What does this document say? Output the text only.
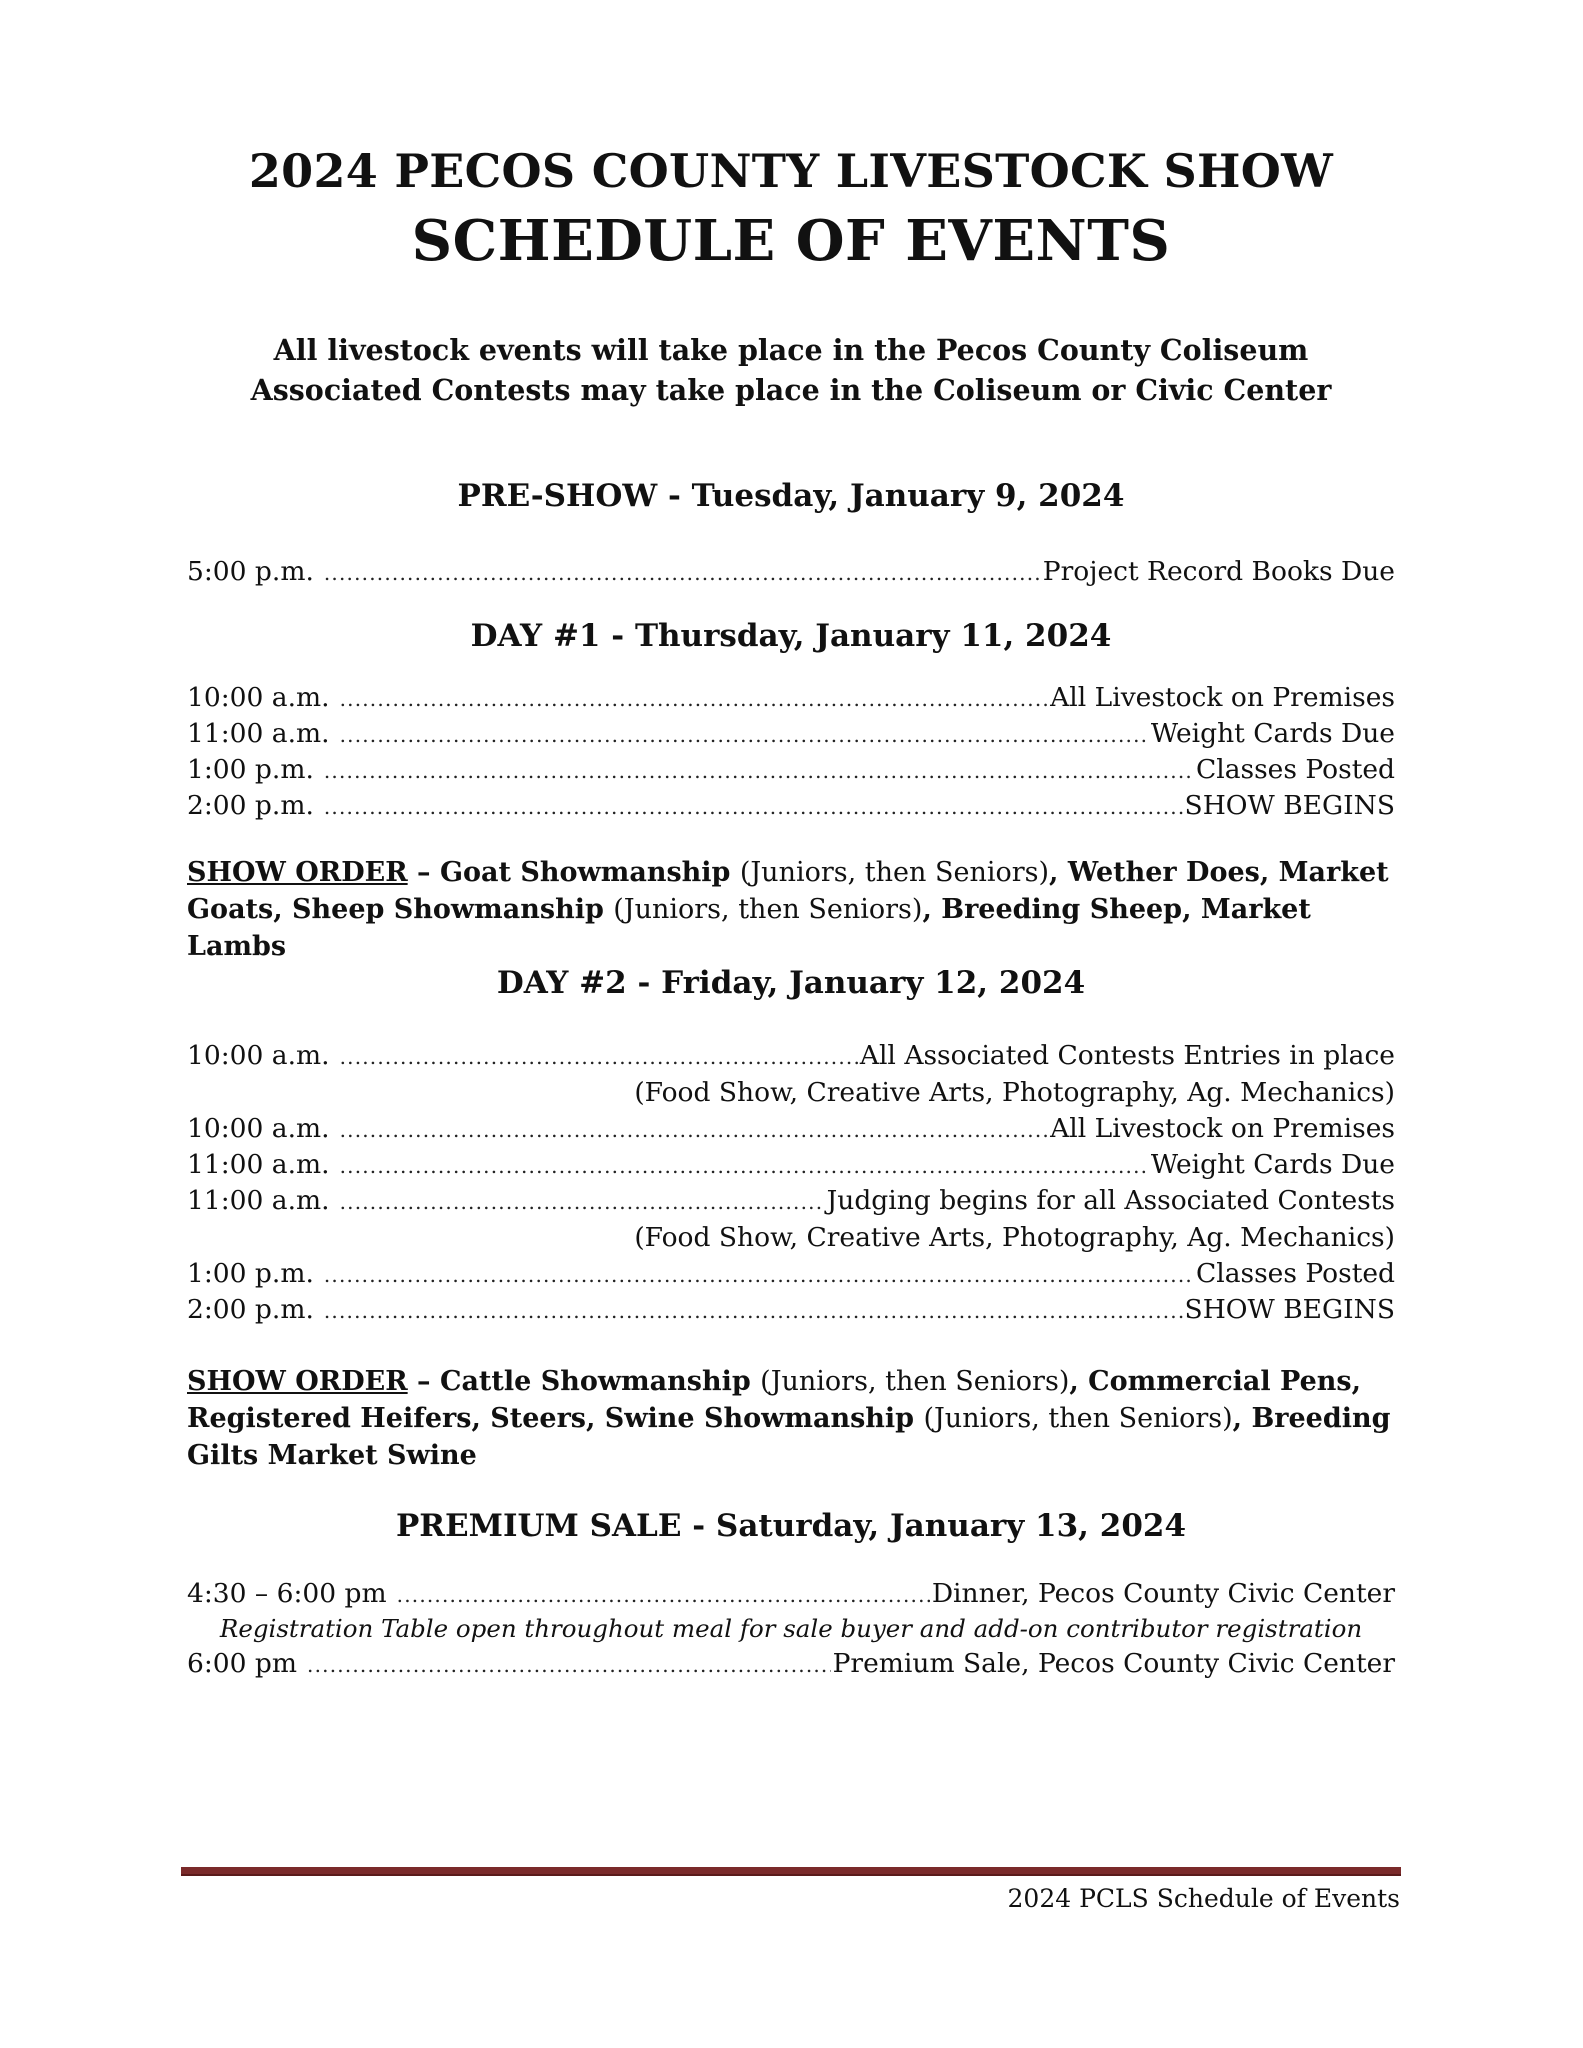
2024 PECOS COUNTY LIVESTOCK SHOW
SCHEDULE OF EVENTS

All livestock events will take place in the Pecos County Coliseum

Associated Contests may take place in the Coliseum or Civic Center

PRE-SHOW - Tuesday, January 9, 2024
5:00 p.m. .....	Project Record Books Due
DAY #1 - Thursday, January 11, 2024
10:00 a.m. .....	All Livestock on Premises
11:00 a.m. .....	Weight Cards Due
1:00 p.m. .....	Classes Posted
2:00 p.m. .....	SHOW BEGINS

SHOW ORDER – Goat Showmanship (Juniors, then Seniors), Wether Does, Market Goats, Sheep Showmanship (Juniors, then Seniors), Breeding Sheep, Market Lambs

DAY #2 - Friday, January 12, 2024
10:00 a.m. .....	All Associated Contests Entries in place
(Food Show, Creative Arts, Photography, Ag. Mechanics)
10:00 a.m. .....	All Livestock on Premises
11:00 a.m. .....	Weight Cards Due
11:00 a.m. .....	Judging begins for all Associated Contests
(Food Show, Creative Arts, Photography, Ag. Mechanics)
1:00 p.m. .....	Classes Posted
2:00 p.m. .....	SHOW BEGINS

SHOW ORDER – Cattle Showmanship (Juniors, then Seniors), Commercial Pens, Registered Heifers, Steers, Swine Showmanship (Juniors, then Seniors), Breeding Gilts Market Swine

PREMIUM SALE - Saturday, January 13, 2024
4:30 – 6:00 pm .....	Dinner, Pecos County Civic Center
Registration Table open throughout meal for sale buyer and add-on contributor registration
6:00 pm .....	Premium Sale, Pecos County Civic Center
2024 PCLS Schedule of Events
